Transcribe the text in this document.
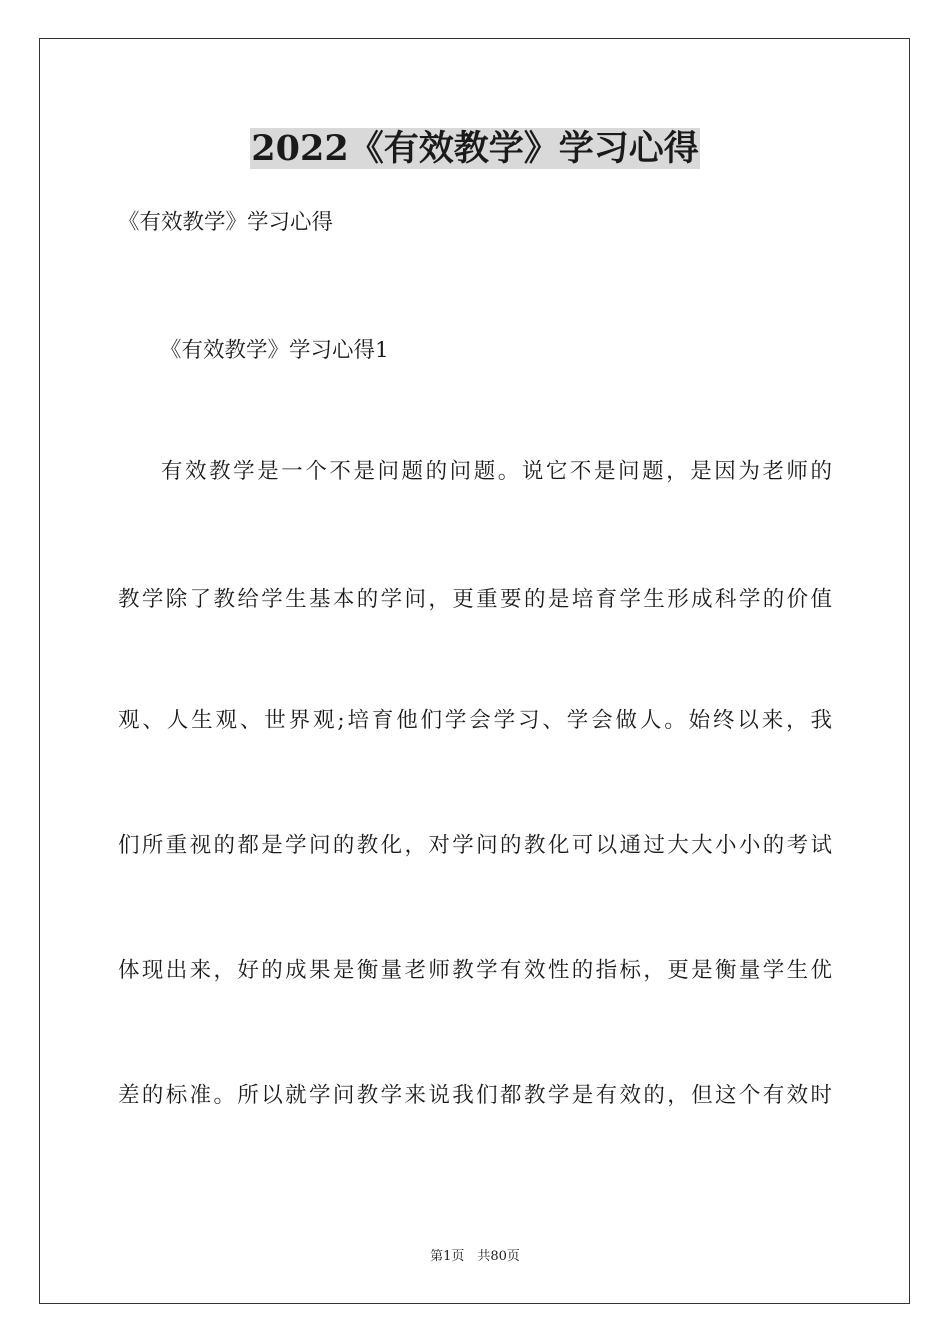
2022《有效教学》学习心得
《有效教学》学习心得
《有效教学》学习心得1
有效教学是一个不是问题的问题。说它不是问题，是因为老师的
教学除了教给学生基本的学问，更重要的是培育学生形成科学的价值
观、人生观、世界观;培育他们学会学习、学会做人。始终以来，我
们所重视的都是学问的教化，对学问的教化可以通过大大小小的考试
体现出来，好的成果是衡量老师教学有效性的指标，更是衡量学生优
差的标准。所以就学问教学来说我们都教学是有效的，但这个有效时
第1页　共80页
